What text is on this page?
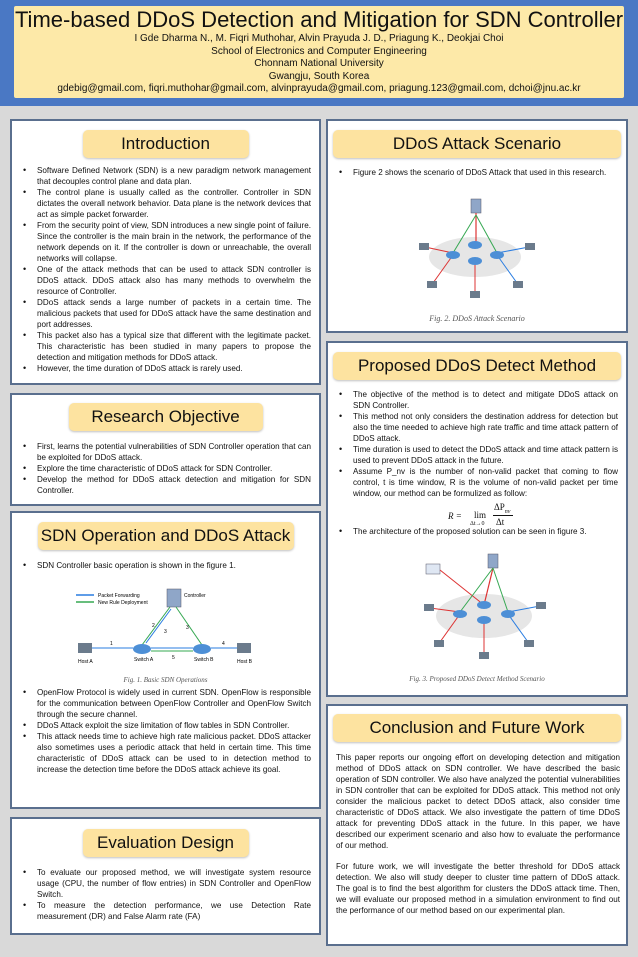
Time-based DDoS Detection and Mitigation for SDN Controller
I Gde Dharma N., M. Fiqri Muthohar, Alvin Prayuda J. D., Priagung K., Deokjai Choi
School of Electronics and Computer Engineering
Chonnam National University
Gwangju, South Korea
gdebig@gmail.com, fiqri.muthohar@gmail.com, alvinprayuda@gmail.com, priagung.123@gmail.com, dchoi@jnu.ac.kr
Introduction
• Software Defined Network (SDN) is a new paradigm network management that decouples control plane and data plan.
• The control plane is usually called as the controller. Controller in SDN dictates the overall network behavior. Data plane is the network devices that act as simple packet forwarder.
• From the security point of view, SDN introduces a new single point of failure. Since the controller is the main brain in the network, the performance of the network depends on it. If the controller is down or unreachable, the overall networks will collapse.
• One of the attack methods that can be used to attack SDN controller is DDoS attack. DDoS attack also has many methods to overwhelm the resource of Controller.
• DDoS attack sends a large number of packets in a certain time. The malicious packets that used for DDoS attack have the same destination and port addresses.
• This packet also has a typical size that different with the legitimate packet. This characteristic has been studied in many papers to propose the detection and mitigation methods for DDoS attack.
• However, the time duration of DDoS attack is rarely used.
Research Objective
• First, learns the potential vulnerabilities of SDN Controller operation that can be exploited for DDoS attack.
• Explore the time characteristic of DDoS attack for SDN Controller.
• Develop the method for DDoS attack detection and mitigation for SDN Controller.
SDN Operation and DDoS Attack
• SDN Controller basic operation is shown in the figure 1.
Packet Forwarding
New Rule Deployment
Controller
1
2
3
3
4
5
Host A	Switch A	Switch B	Host B
Fig. 1. Basic SDN Operations
• OpenFlow Protocol is widely used in current SDN. OpenFlow is responsible for the communication between OpenFlow Controller and OpenFlow Switch through the secure channel.
• DDoS Attack exploit the size limitation of flow tables in SDN Controller.
• This attack needs time to achieve high rate malicious packet. DDoS attacker also sometimes uses a periodic attack that held in certain time. This time characteristic of DDoS attack can be used to in detection method to increase the detection time before the DDoS attack achieve its goal.
Evaluation Design
• To evaluate our proposed method, we will investigate system resource usage (CPU, the number of flow entries) in SDN Controller and OpenFlow Switch.
• To measure the detection performance, we use Detection Rate measurement (DR) and False Alarm rate (FA)
DDoS Attack Scenario
• Figure 2 shows the scenario of DDoS Attack that used in this research.
Fig. 2. DDoS Attack Scenario
Proposed DDoS Detect Method
• The objective of the method is to detect and mitigate DDoS attack on SDN Controller.
• This method not only considers the destination address for detection but also the time needed to achieve high rate traffic and time attack pattern of DDoS attack.
• Time duration is used to detect the DDoS attack and time attack pattern is used to prevent DDoS attack in the future.
• Assume P_nv is the number of non-valid packet that coming to flow control, t is time window, R is the volume of non-valid packet per time window, our method can be formulized as follow:
R = lim
Δt→0
$\Delta P_{nv}$
Δt
• The architecture of the proposed solution can be seen in figure 3.
Fig. 3. Proposed DDoS Detect Method Scenario
Conclusion and Future Work

This paper reports our ongoing effort on developing detection and mitigation method of DDoS attack on SDN controller. We have described the basic operation of SDN controller. We also have analyzed the potential vulnerabilities in SDN controller that can be exploited for DDoS attack. This method not only consider the malicious packet to detect DDoS attack, also consider time characteristic of DDoS attack. We also investigate the pattern of time DDoS attack for preventing DDoS attack in the future. In this paper, we have described our experiment scenario and also how to evaluate the performance of our method.

For future work, we will investigate the better threshold for DDoS attack detection. We also will study deeper to cluster time pattern of DDoS attack. The goal is to find the best algorithm for clusters the DDoS attack time. Then, we will evaluate our proposed method in a simulation environment to find out the performance of our method based on our experimental plan.
